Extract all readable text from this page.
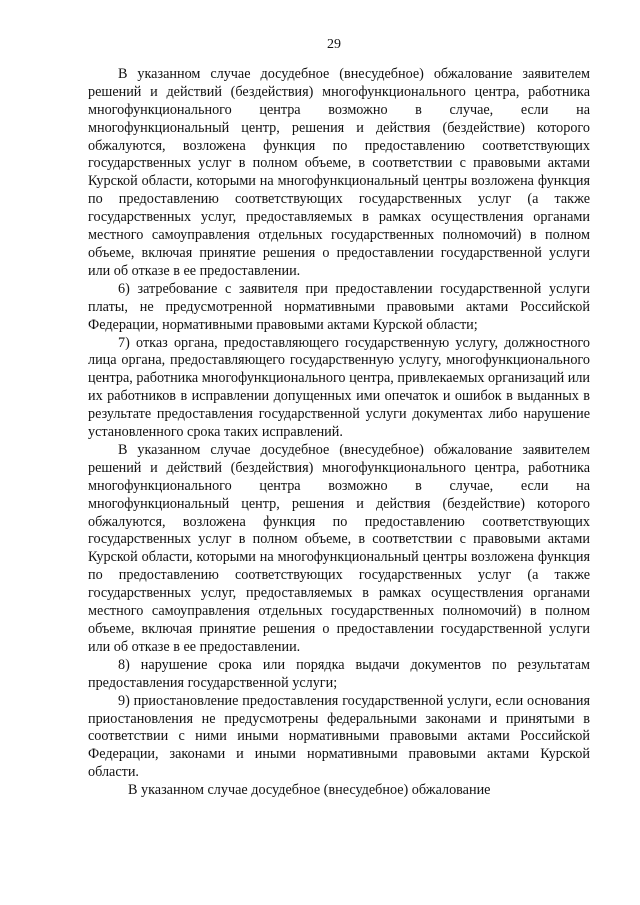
29

В указанном случае досудебное (внесудебное) обжалование заявителем решений и действий (бездействия) многофункционального центра, работника многофункционального центра возможно в случае, если на многофункциональный центр, решения и действия (бездействие) которого обжалуются, возложена функция по предоставлению соответствующих государственных услуг в полном объеме, в соответствии с правовыми актами Курской области, которыми на многофункциональный центры возложена функция по предоставлению соответствующих государственных услуг (а также государственных услуг, предоставляемых в рамках осуществления органами местного самоуправления отдельных государственных полномочий) в полном объеме, включая принятие решения о предоставлении государственной услуги или об отказе в ее предоставлении.

6) затребование с заявителя при предоставлении государственной услуги платы, не предусмотренной нормативными правовыми актами Российской Федерации, нормативными правовыми актами Курской области;

7) отказ органа, предоставляющего государственную услугу, должностного лица органа, предоставляющего государственную услугу, многофункционального центра, работника многофункционального центра, привлекаемых организаций или их работников в исправлении допущенных ими опечаток и ошибок в выданных в результате предоставления государственной услуги документах либо нарушение установленного срока таких исправлений.

В указанном случае досудебное (внесудебное) обжалование заявителем решений и действий (бездействия) многофункционального центра, работника многофункционального центра возможно в случае, если на многофункциональный центр, решения и действия (бездействие) которого обжалуются, возложена функция по предоставлению соответствующих государственных услуг в полном объеме, в соответствии с правовыми актами Курской области, которыми на многофункциональный центры возложена функция по предоставлению соответствующих государственных услуг (а также государственных услуг, предоставляемых в рамках осуществления органами местного самоуправления отдельных государственных полномочий) в полном объеме, включая принятие решения о предоставлении государственной услуги или об отказе в ее предоставлении.

8) нарушение срока или порядка выдачи документов по результатам предоставления государственной услуги;

9) приостановление предоставления государственной услуги, если основания приостановления не предусмотрены федеральными законами и принятыми в соответствии с ними иными нормативными правовыми актами Российской Федерации, законами и иными нормативными правовыми актами Курской области.

В указанном случае досудебное (внесудебное) обжалование
